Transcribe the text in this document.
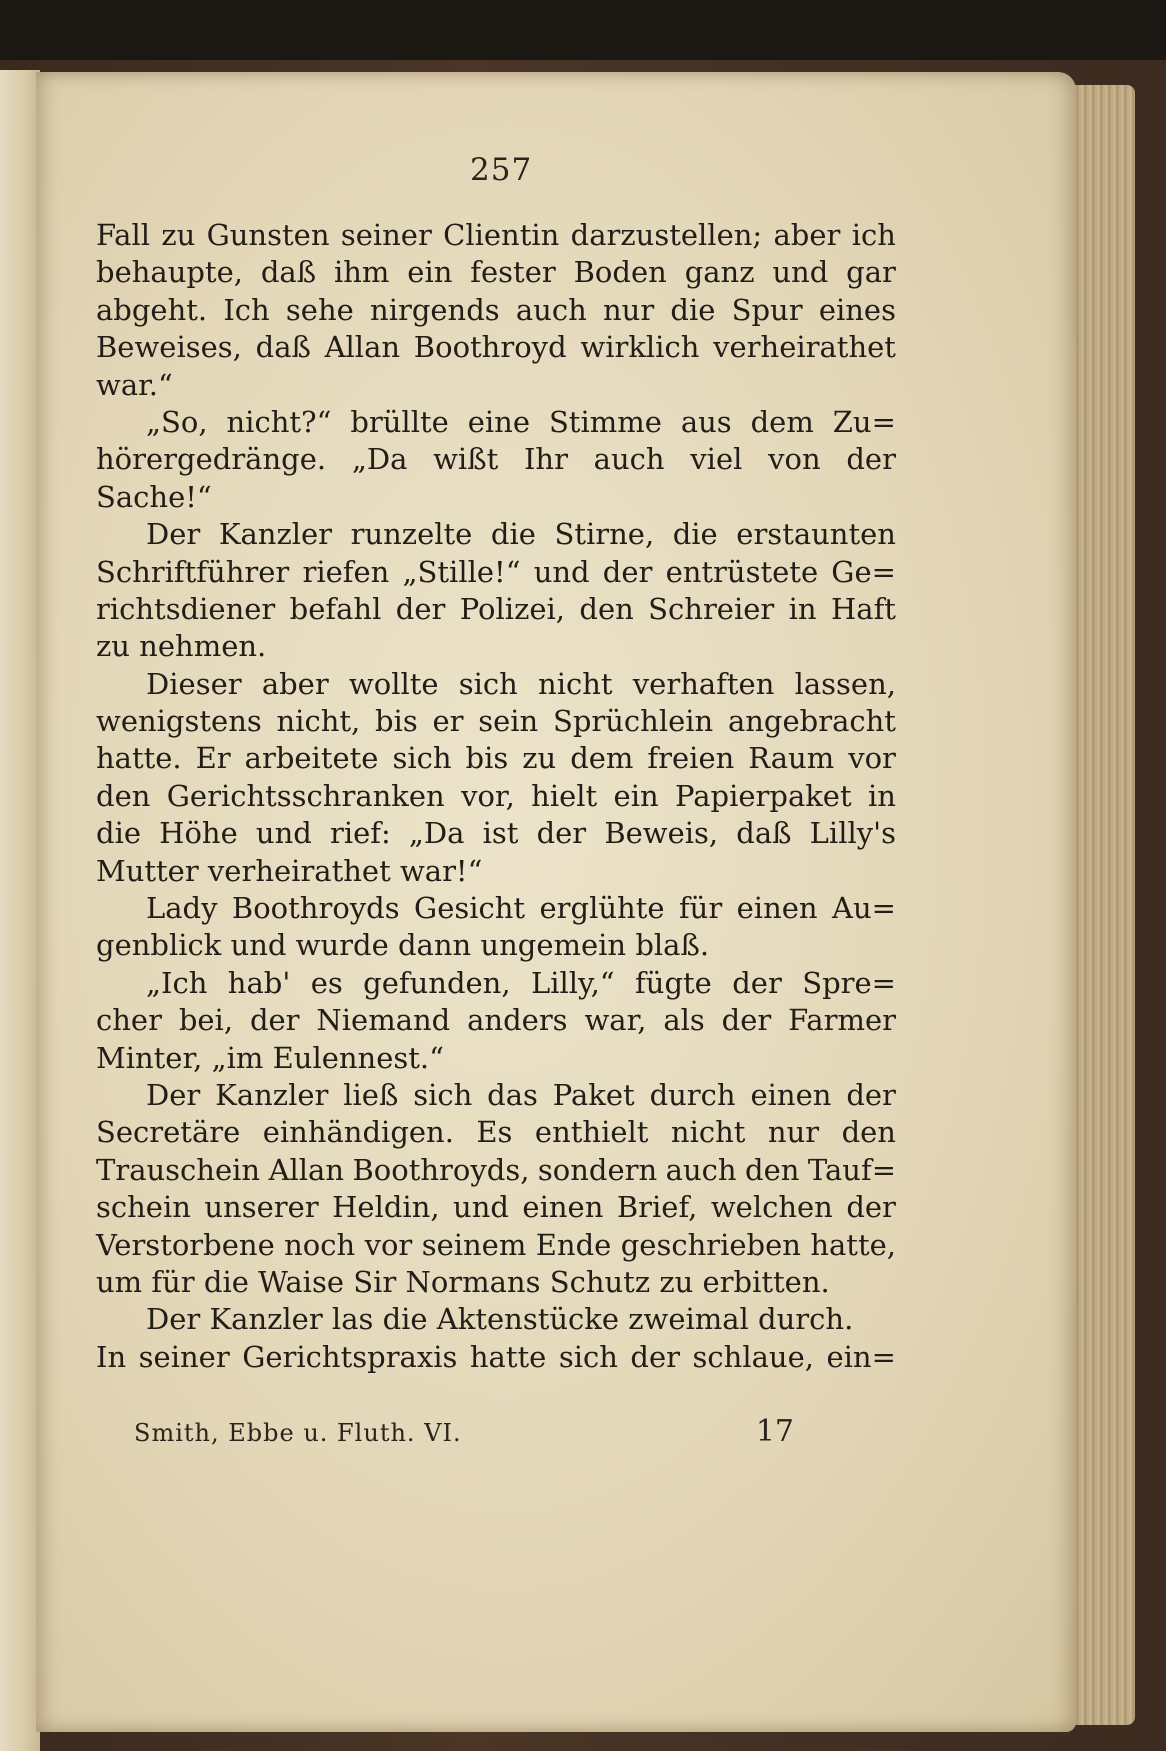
257
Fall zu Gunsten seiner Clientin darzustellen; aber ich
behaupte, daß ihm ein fester Boden ganz und gar
abgeht. Ich sehe nirgends auch nur die Spur eines
Beweises, daß Allan Boothroyd wirklich verheirathet
war.“
„So, nicht?“ brüllte eine Stimme aus dem Zu=
hörergedränge. „Da wißt Ihr auch viel von der
Sache!“
Der Kanzler runzelte die Stirne, die erstaunten
Schriftführer riefen „Stille!“ und der entrüstete Ge=
richtsdiener befahl der Polizei, den Schreier in Haft
zu nehmen.
Dieser aber wollte sich nicht verhaften lassen,
wenigstens nicht, bis er sein Sprüchlein angebracht
hatte. Er arbeitete sich bis zu dem freien Raum vor
den Gerichtsschranken vor, hielt ein Papierpaket in
die Höhe und rief: „Da ist der Beweis, daß Lilly's
Mutter verheirathet war!“
Lady Boothroyds Gesicht erglühte für einen Au=
genblick und wurde dann ungemein blaß.
„Ich hab' es gefunden, Lilly,“ fügte der Spre=
cher bei, der Niemand anders war, als der Farmer
Minter, „im Eulennest.“
Der Kanzler ließ sich das Paket durch einen der
Secretäre einhändigen. Es enthielt nicht nur den
Trauschein Allan Boothroyds, sondern auch den Tauf=
schein unserer Heldin, und einen Brief, welchen der
Verstorbene noch vor seinem Ende geschrieben hatte,
um für die Waise Sir Normans Schutz zu erbitten.
Der Kanzler las die Aktenstücke zweimal durch.
In seiner Gerichtspraxis hatte sich der schlaue, ein=
Smith, Ebbe u. Fluth. VI.	17
